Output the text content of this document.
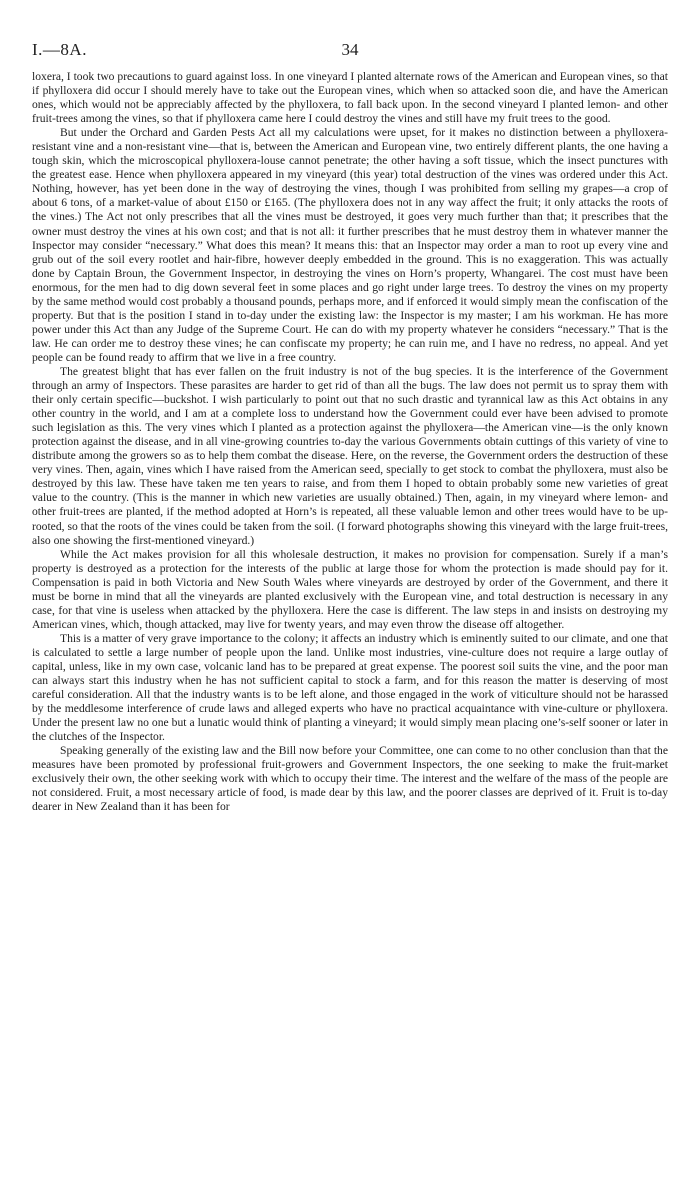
I.—8A.	34

loxera, I took two precautions to guard against loss. In one vineyard I planted alternate rows of the American and European vines, so that if phylloxera did occur I should merely have to take out the European vines, which when so attacked soon die, and have the American ones, which would not be appreciably affected by the phylloxera, to fall back upon. In the second vineyard I planted lemon- and other fruit-trees among the vines, so that if phylloxera came here I could destroy the vines and still have my fruit trees to the good.

But under the Orchard and Garden Pests Act all my calculations were upset, for it makes no distinction between a phylloxera-resistant vine and a non-resistant vine—that is, between the American and European vine, two entirely different plants, the one having a tough skin, which the microscopical phylloxera-louse cannot penetrate; the other having a soft tissue, which the insect punctures with the greatest ease. Hence when phylloxera appeared in my vineyard (this year) total destruction of the vines was ordered under this Act. Nothing, however, has yet been done in the way of destroying the vines, though I was prohibited from selling my grapes—a crop of about 6 tons, of a market-value of about £150 or £165. (The phylloxera does not in any way affect the fruit; it only attacks the roots of the vines.) The Act not only prescribes that all the vines must be destroyed, it goes very much further than that; it prescribes that the owner must destroy the vines at his own cost; and that is not all: it further prescribes that he must destroy them in whatever manner the Inspector may consider “necessary.” What does this mean? It means this: that an Inspector may order a man to root up every vine and grub out of the soil every rootlet and hair-fibre, however deeply embedded in the ground. This is no exaggeration. This was actually done by Captain Broun, the Government Inspector, in destroying the vines on Horn’s property, Whangarei. The cost must have been enormous, for the men had to dig down several feet in some places and go right under large trees. To destroy the vines on my property by the same method would cost probably a thousand pounds, perhaps more, and if enforced it would simply mean the confiscation of the property. But that is the position I stand in to-day under the existing law: the Inspector is my master; I am his workman. He has more power under this Act than any Judge of the Supreme Court. He can do with my property whatever he considers “necessary.” That is the law. He can order me to destroy these vines; he can confiscate my property; he can ruin me, and I have no redress, no appeal. And yet people can be found ready to affirm that we live in a free country.

The greatest blight that has ever fallen on the fruit industry is not of the bug species. It is the interference of the Government through an army of Inspectors. These parasites are harder to get rid of than all the bugs. The law does not permit us to spray them with their only certain specific—buckshot. I wish particularly to point out that no such drastic and tyrannical law as this Act obtains in any other country in the world, and I am at a complete loss to understand how the Government could ever have been advised to promote such legislation as this. The very vines which I planted as a protection against the phylloxera—the American vine—is the only known protection against the disease, and in all vine-growing countries to-day the various Governments obtain cuttings of this variety of vine to distribute among the growers so as to help them combat the disease. Here, on the reverse, the Government orders the destruction of these very vines. Then, again, vines which I have raised from the American seed, specially to get stock to combat the phylloxera, must also be destroyed by this law. These have taken me ten years to raise, and from them I hoped to obtain probably some new varieties of great value to the country. (This is the manner in which new varieties are usually obtained.) Then, again, in my vineyard where lemon- and other fruit-trees are planted, if the method adopted at Horn’s is repeated, all these valuable lemon and other trees would have to be up-rooted, so that the roots of the vines could be taken from the soil. (I forward photographs showing this vineyard with the large fruit-trees, also one showing the first-mentioned vineyard.)

While the Act makes provision for all this wholesale destruction, it makes no provision for compensation. Surely if a man’s property is destroyed as a protection for the interests of the public at large those for whom the protection is made should pay for it. Compensation is paid in both Victoria and New South Wales where vineyards are destroyed by order of the Government, and there it must be borne in mind that all the vineyards are planted exclusively with the European vine, and total destruction is necessary in any case, for that vine is useless when attacked by the phylloxera. Here the case is different. The law steps in and insists on destroying my American vines, which, though attacked, may live for twenty years, and may even throw the disease off altogether.

This is a matter of very grave importance to the colony; it affects an industry which is eminently suited to our climate, and one that is calculated to settle a large number of people upon the land. Unlike most industries, vine-culture does not require a large outlay of capital, unless, like in my own case, volcanic land has to be prepared at great expense. The poorest soil suits the vine, and the poor man can always start this industry when he has not sufficient capital to stock a farm, and for this reason the matter is deserving of most careful consideration. All that the industry wants is to be left alone, and those engaged in the work of viticulture should not be harassed by the meddlesome interference of crude laws and alleged experts who have no practical acquaintance with vine-culture or phylloxera. Under the present law no one but a lunatic would think of planting a vineyard; it would simply mean placing one’s-self sooner or later in the clutches of the Inspector.

Speaking generally of the existing law and the Bill now before your Committee, one can come to no other conclusion than that the measures have been promoted by professional fruit-growers and Government Inspectors, the one seeking to make the fruit-market exclusively their own, the other seeking work with which to occupy their time. The interest and the welfare of the mass of the people are not considered. Fruit, a most necessary article of food, is made dear by this law, and the poorer classes are deprived of it. Fruit is to-day dearer in New Zealand than it has been for
